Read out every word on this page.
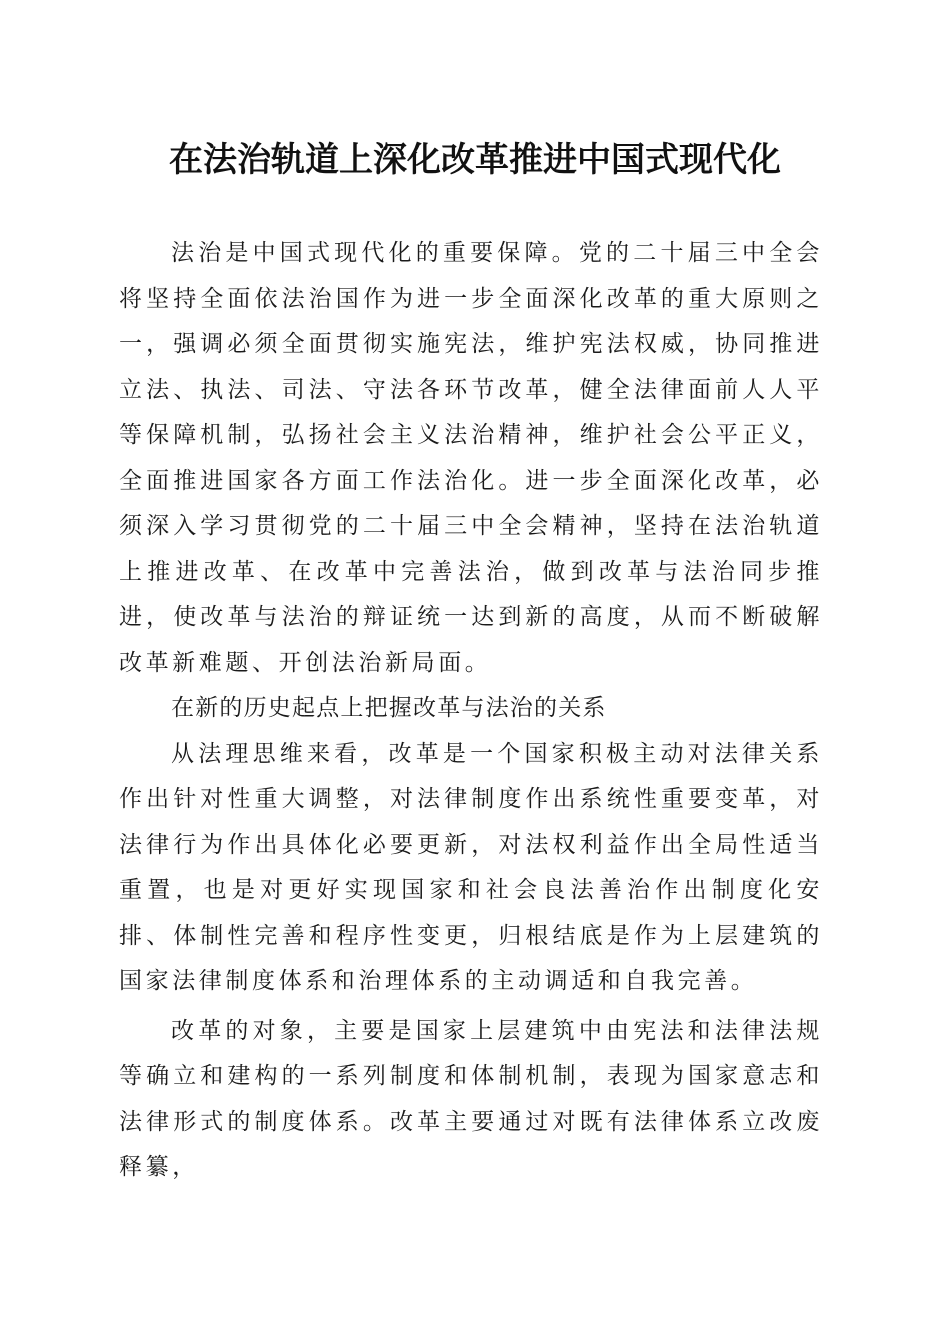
在法治轨道上深化改革推进中国式现代化

法治是中国式现代化的重要保障。党的二十届三中全会将坚持全面依法治国作为进一步全面深化改革的重大原则之一，强调必须全面贯彻实施宪法，维护宪法权威，协同推进立法、执法、司法、守法各环节改革，健全法律面前人人平等保障机制，弘扬社会主义法治精神，维护社会公平正义，全面推进国家各方面工作法治化。进一步全面深化改革，必须深入学习贯彻党的二十届三中全会精神，坚持在法治轨道上推进改革、在改革中完善法治，做到改革与法治同步推进，使改革与法治的辩证统一达到新的高度，从而不断破解改革新难题、开创法治新局面。

在新的历史起点上把握改革与法治的关系

从法理思维来看，改革是一个国家积极主动对法律关系作出针对性重大调整，对法律制度作出系统性重要变革，对法律行为作出具体化必要更新，对法权利益作出全局性适当重置，也是对更好实现国家和社会良法善治作出制度化安排、体制性完善和程序性变更，归根结底是作为上层建筑的国家法律制度体系和治理体系的主动调适和自我完善。

改革的对象，主要是国家上层建筑中由宪法和法律法规等确立和建构的一系列制度和体制机制，表现为国家意志和法律形式的制度体系。改革主要通过对既有法律体系立改废释纂，
